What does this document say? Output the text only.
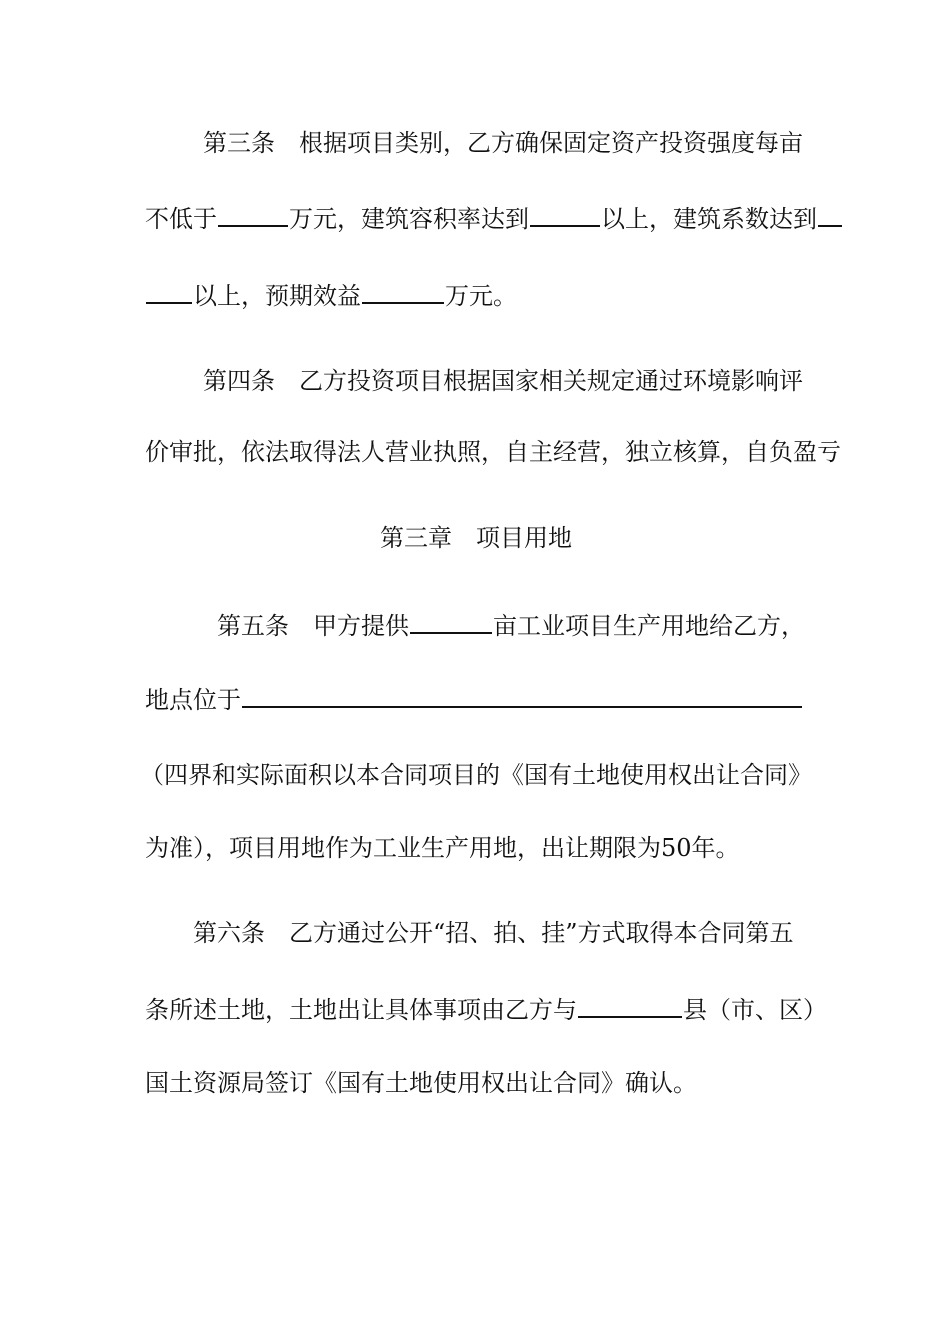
第三条 根据项目类别，乙方确保固定资产投资强度每亩
不低于	万元，建筑容积率达到	以上，建筑系数达到
以上，预期效益	万元。
第四条 乙方投资项目根据国家相关规定通过环境影响评
价审批，依法取得法人营业执照，自主经营，独立核算，自负盈亏
第三章 项目用地
第五条 甲方提供	亩工业项目生产用地给乙方，
地点位于
（四界和实际面积以本合同项目的《国有土地使用权出让合同》
为准），项目用地作为工业生产用地，出让期限为50年。
第六条 乙方通过公开“招、拍、挂”方式取得本合同第五
条所述土地，土地出让具体事项由乙方与	县（市、区）
国土资源局签订《国有土地使用权出让合同》确认。
